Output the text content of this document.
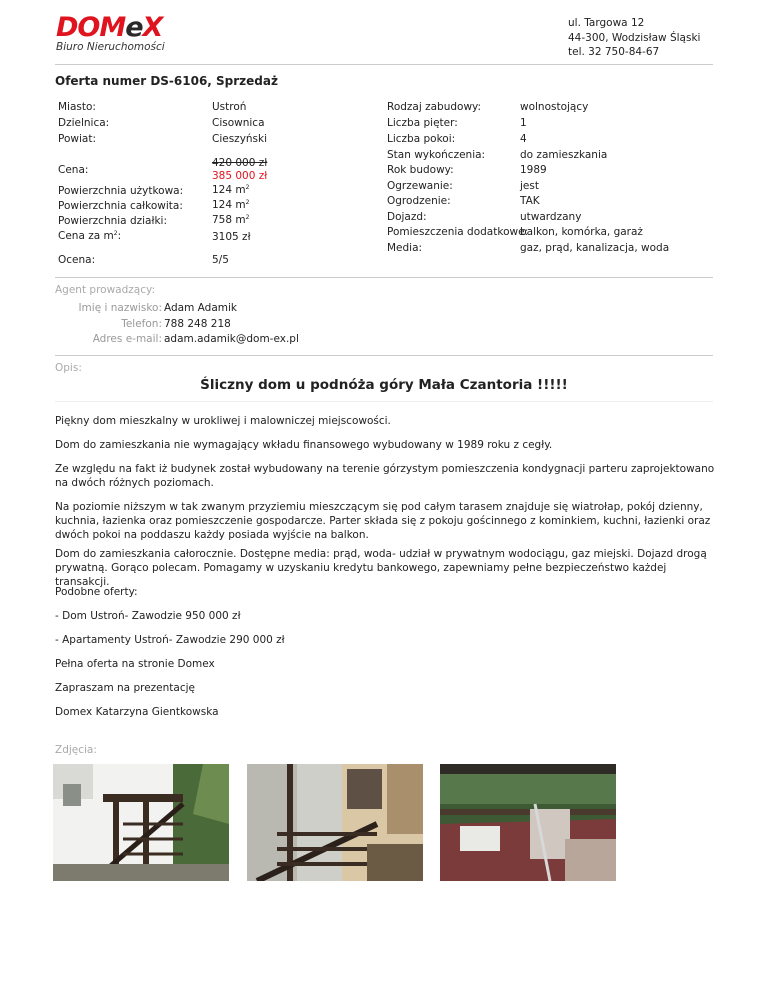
DOMeX
Biuro Nieruchomości
ul. Targowa 12
44-300, Wodzisław Śląski
tel. 32 750-84-67
Oferta numer DS-6106, Sprzedaż
Miasto:	Ustroń
Dzielnica:	Cisownica
Powiat:	Cieszyński
Cena:
420 000 zł
385 000 zł
Powierzchnia użytkowa:	124 $m^2$
Powierzchnia całkowita:	124 $m^2$
Powierzchnia działki:	758 $m^2$
Cena za $m^2$:	3105 zł
Ocena:	5/5
Rodzaj zabudowy:	wolnostojący
Liczba pięter:	1
Liczba pokoi:	4
Stan wykończenia:	do zamieszkania
Rok budowy:	1989
Ogrzewanie:	jest
Ogrodzenie:	TAK
Dojazd:	utwardzany
Pomieszczenia dodatkowe:
balkon, komórka, garaż
Media:	gaz, prąd, kanalizacja, woda
Agent prowadzący:
Imię i nazwisko: Adam Adamik
Telefon: 788 248 218
Adres e-mail: adam.adamik@dom-ex.pl
Opis:
Śliczny dom u podnóża góry Mała Czantoria !!!!!
Piękny dom mieszkalny w urokliwej i malowniczej miejscowości.
Dom do zamieszkania nie wymagający wkładu finansowego wybudowany w 1989 roku z cegły.
Ze względu na fakt iż budynek został wybudowany na terenie górzystym pomieszczenia kondygnacji parteru zaprojektowano na dwóch różnych poziomach.
Na poziomie niższym w tak zwanym przyziemiu mieszczącym się pod całym tarasem znajduje się wiatrołap, pokój dzienny, kuchnia, łazienka oraz pomieszczenie gospodarcze. Parter składa się z pokoju gościnnego z kominkiem, kuchni, łazienki oraz dwóch pokoi na poddaszu każdy posiada wyjście na balkon.
Dom do zamieszkania całorocznie. Dostępne media: prąd, woda- udział w prywatnym wodociągu, gaz miejski. Dojazd drogą prywatną. Gorąco polecam. Pomagamy w uzyskaniu kredytu bankowego, zapewniamy pełne bezpieczeństwo każdej transakcji.
Podobne oferty:
- Dom Ustroń- Zawodzie 950 000 zł
- Apartamenty Ustroń- Zawodzie 290 000 zł
Pełna oferta na stronie Domex
Zapraszam na prezentację
Domex Katarzyna Gientkowska
Zdjęcia:
